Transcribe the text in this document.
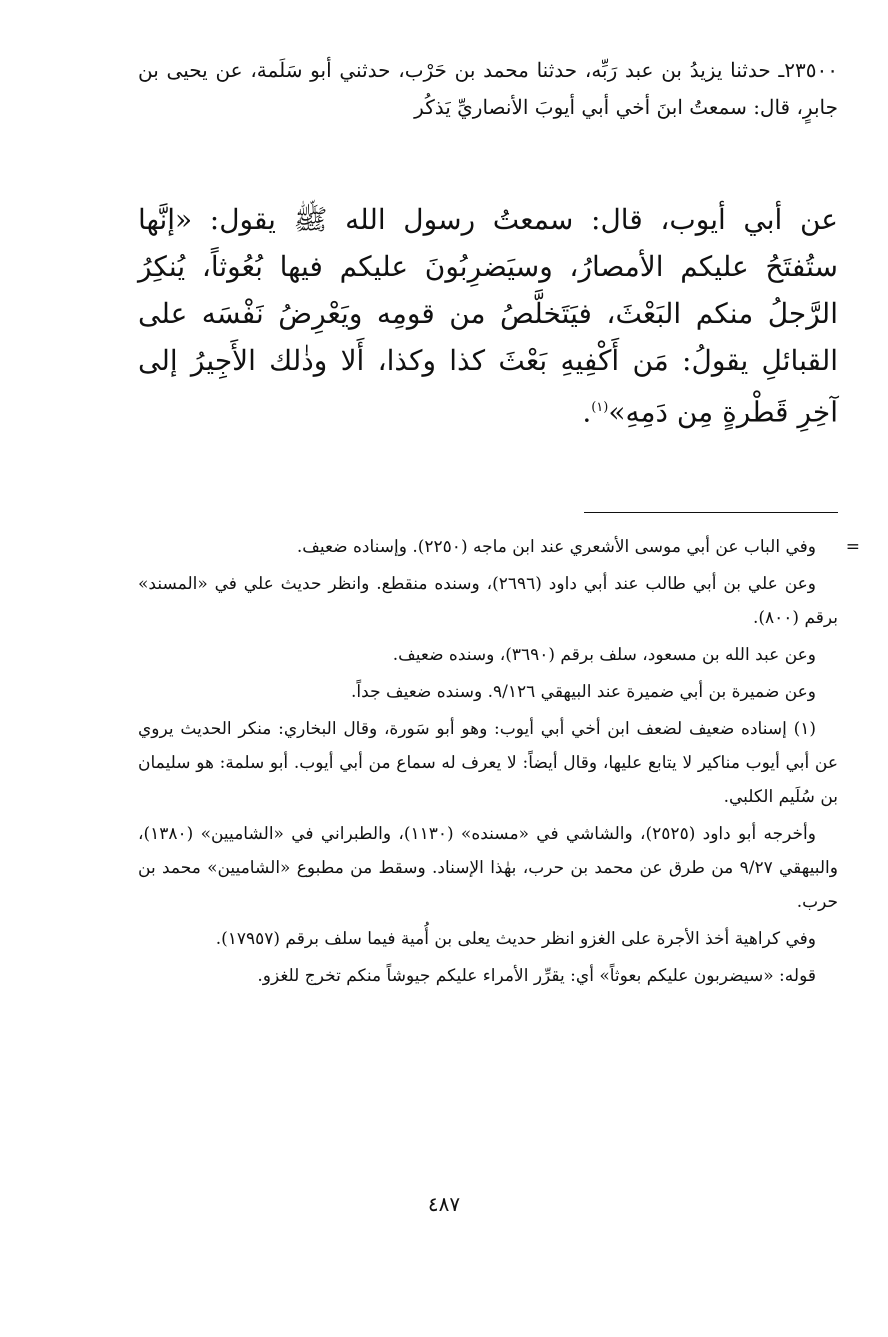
٢٣٥٠٠ـ حدثنا يزيدُ بن عبد رَبِّه، حدثنا محمد بن حَرْب، حدثني أبو سَلَمة، عن يحيى بن جابرٍ، قال: سمعتُ ابنَ أخي أبي أيوبَ الأنصاريِّ يَذكُر

عن أبي أيوب، قال: سمعتُ رسول الله ﷺ يقول: «إنَّها ستُفتَحُ عليكم الأمصارُ، وسيَضرِبُونَ عليكم فيها بُعُوثاً، يُنكِرُ الرَّجلُ منكم البَعْثَ، فيَتَخلَّصُ من قومِه ويَعْرِضُ نَفْسَه على القبائلِ يقولُ: مَن أَكْفِيهِ بَعْثَ كذا وكذا، أَلا وذٰلك الأَجِيرُ إلى آخِرِ قَطْرةٍ مِن دَمِهِ»$^{(١)}$.

=
وفي الباب عن أبي موسى الأشعري عند ابن ماجه (٢٢٥٠). وإسناده ضعيف.

وعن علي بن أبي طالب عند أبي داود (٢٦٩٦)، وسنده منقطع. وانظر حديث علي في «المسند» برقم (٨٠٠).

وعن عبد الله بن مسعود، سلف برقم (٣٦٩٠)، وسنده ضعيف.

وعن ضميرة بن أبي ضميرة عند البيهقي ٩/١٢٦. وسنده ضعيف جداً.

(١) إسناده ضعيف لضعف ابن أخي أبي أيوب: وهو أبو سَورة، وقال البخاري: منكر الحديث يروي عن أبي أيوب مناكير لا يتابع عليها، وقال أيضاً: لا يعرف له سماع من أبي أيوب. أبو سلمة: هو سليمان بن سُلَيم الكلبي.

وأخرجه أبو داود (٢٥٢٥)، والشاشي في «مسنده» (١١٣٠)، والطبراني في «الشاميين» (١٣٨٠)، والبيهقي ٩/٢٧ من طرق عن محمد بن حرب، بهٰذا الإسناد. وسقط من مطبوع «الشاميين» محمد بن حرب.

وفي كراهية أخذ الأجرة على الغزو انظر حديث يعلى بن أُمية فيما سلف برقم (١٧٩٥٧).

قوله: «سيضربون عليكم بعوثاً» أي: يقرِّر الأمراء عليكم جيوشاً منكم تخرج للغزو.

٤٨٧
